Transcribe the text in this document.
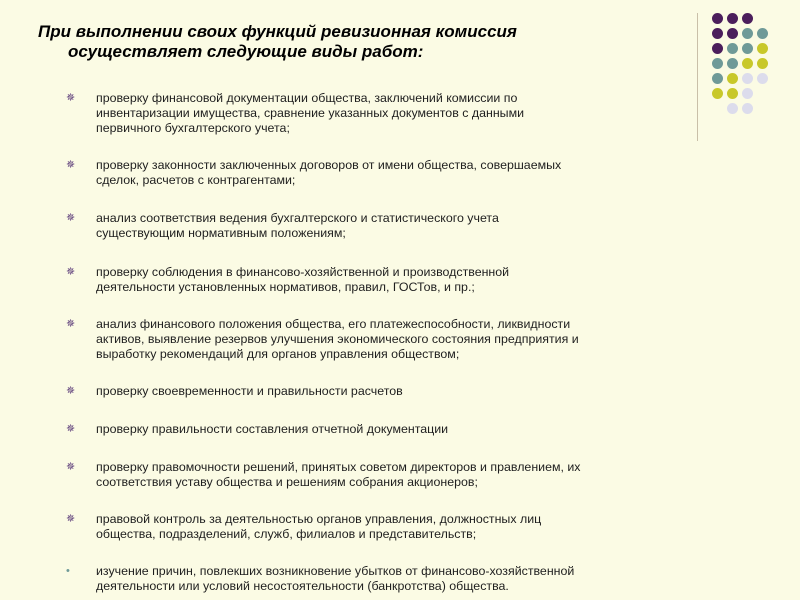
При выполнении своих функций ревизионная комиссия
осуществляет следующие виды работ:
✵ проверку финансовой документации общества, заключений комиссии по
инвентаризации имущества, сравнение указанных документов с данными
первичного бухгалтерского учета;
✵ проверку законности заключенных договоров от имени общества, совершаемых
сделок, расчетов с контрагентами;
✵ анализ соответствия ведения бухгалтерского и статистического учета
существующим нормативным положениям;
✵ проверку соблюдения в финансово-хозяйственной и производственной
деятельности установленных нормативов, правил, ГОСТов, и пр.;
✵ анализ финансового положения общества, его платежеспособности, ликвидности
активов, выявление резервов улучшения экономического состояния предприятия и
выработку рекомендаций для органов управления обществом;
✵ проверку своевременности и правильности расчетов
✵ проверку правильности составления отчетной документации
✵ проверку правомочности решений, принятых советом директоров и правлением, их
соответствия уставу общества и решениям собрания акционеров;
✵ правовой контроль за деятельностью органов управления, должностных лиц
общества, подразделений, служб, филиалов и представительств;
• изучение причин, повлекших возникновение убытков от финансово-хозяйственной
деятельности или условий несостоятельности (банкротства) общества.
